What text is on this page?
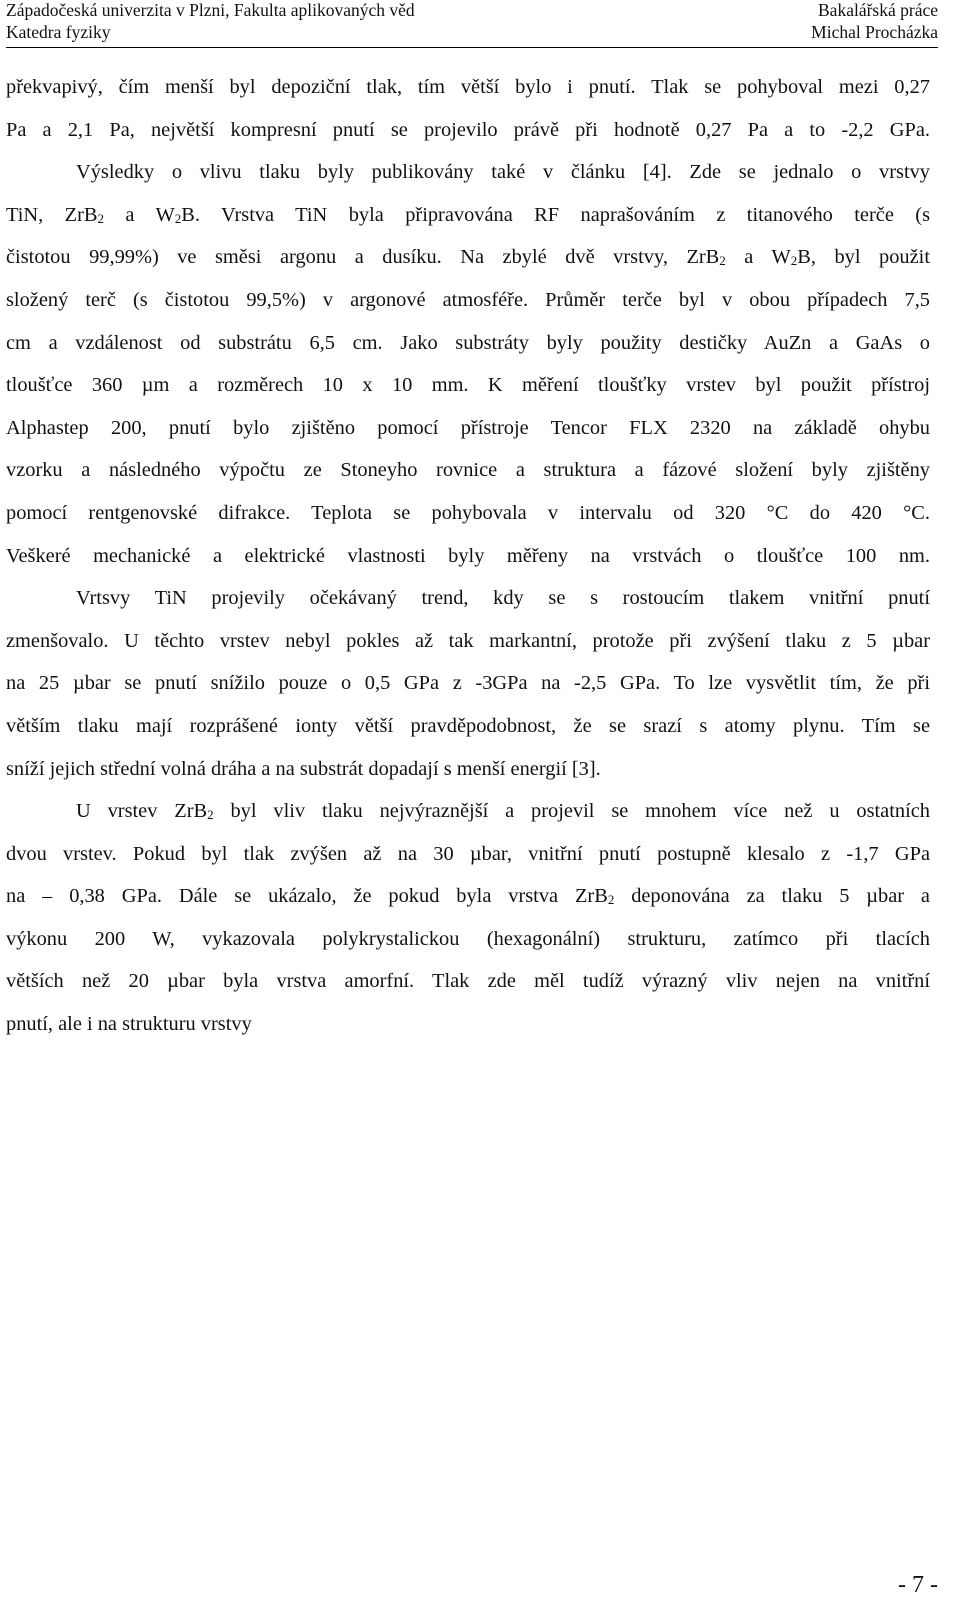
Západočeská univerzita v Plzni, Fakulta aplikovaných věd	Bakalářská práce
Katedra fyziky	Michal Procházka
překvapivý, čím menší byl depoziční tlak, tím větší bylo i pnutí. Tlak se pohyboval mezi 0,27
Pa a 2,1 Pa, největší kompresní pnutí se projevilo právě při hodnotě 0,27 Pa a to -2,2 GPa.
Výsledky o vlivu tlaku byly publikovány také v článku [4]. Zde se jednalo o vrstvy
TiN, ZrB$_2$ a $W_2B$. Vrstva TiN byla připravována RF naprašováním z titanového terče (s
čistotou 99,99%) ve směsi argonu a dusíku. Na zbylé dvě vrstvy, ZrB$_2$ a $W_2B$, byl použit
složený terč (s čistotou 99,5%) v argonové atmosféře. Průměr terče byl v obou případech 7,5
cm a vzdálenost od substrátu 6,5 cm. Jako substráty byly použity destičky AuZn a GaAs o
tloušťce 360 µm a rozměrech 10 x 10 mm. K měření tloušťky vrstev byl použit přístroj
Alphastep 200, pnutí bylo zjištěno pomocí přístroje Tencor FLX 2320 na základě ohybu
vzorku a následného výpočtu ze Stoneyho rovnice a struktura a fázové složení byly zjištěny
pomocí rentgenovské difrakce. Teplota se pohybovala v intervalu od 320 °C do 420 °C.
Veškeré mechanické a elektrické vlastnosti byly měřeny na vrstvách o tloušťce 100 nm.
Vrtsvy TiN projevily očekávaný trend, kdy se s rostoucím tlakem vnitřní pnutí
zmenšovalo. U těchto vrstev nebyl pokles až tak markantní, protože při zvýšení tlaku z 5 µbar
na 25 µbar se pnutí snížilo pouze o 0,5 GPa z -3GPa na -2,5 GPa. To lze vysvětlit tím, že při
větším tlaku mají rozprášené ionty větší pravděpodobnost, že se srazí s atomy plynu. Tím se
sníží jejich střední volná dráha a na substrát dopadají s menší energií [3].
U vrstev ZrB$_2$ byl vliv tlaku nejvýraznější a projevil se mnohem více než u ostatních
dvou vrstev. Pokud byl tlak zvýšen až na 30 µbar, vnitřní pnutí postupně klesalo z -1,7 GPa
na – 0,38 GPa. Dále se ukázalo, že pokud byla vrstva ZrB$_2$ deponována za tlaku 5 µbar a
výkonu 200 W, vykazovala polykrystalickou (hexagonální) strukturu, zatímco při tlacích
větších než 20 µbar byla vrstva amorfní. Tlak zde měl tudíž výrazný vliv nejen na vnitřní
pnutí, ale i na strukturu vrstvy
- 7 -
